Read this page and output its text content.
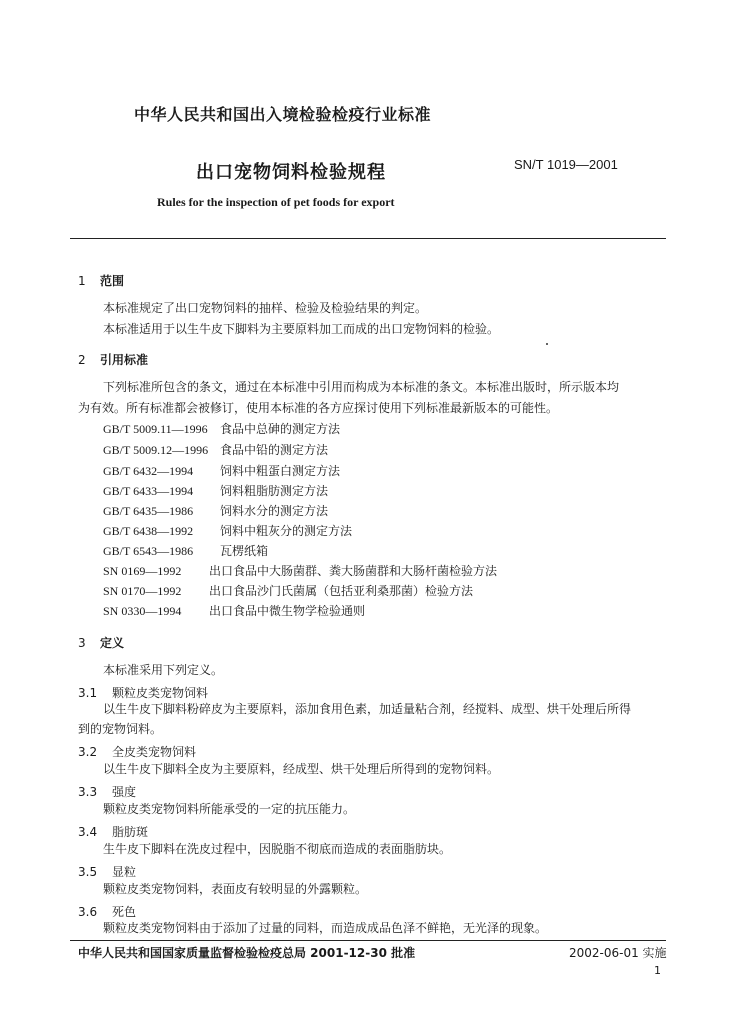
中华人民共和国出入境检验检疫行业标准
出口宠物饲料检验规程	SN/T 1019—2001
Rules for the inspection of pet foods for export
1 范围
本标准规定了出口宠物饲料的抽样、检验及检验结果的判定。
本标准适用于以生牛皮下脚料为主要原料加工而成的出口宠物饲料的检验。
2 引用标准
下列标准所包含的条文，通过在本标准中引用而构成为本标准的条文。本标准出版时，所示版本均
为有效。所有标准都会被修订，使用本标准的各方应探讨使用下列标准最新版本的可能性。
GB/T 5009.11—1996 食品中总砷的测定方法
GB/T 5009.12—1996 食品中铅的测定方法
GB/T 6432—1994 饲料中粗蛋白测定方法
GB/T 6433—1994 饲料粗脂肪测定方法
GB/T 6435—1986 饲料水分的测定方法
GB/T 6438—1992 饲料中粗灰分的测定方法
GB/T 6543—1986 瓦楞纸箱
SN 0169—1992 出口食品中大肠菌群、粪大肠菌群和大肠杆菌检验方法
SN 0170—1992 出口食品沙门氏菌属（包括亚利桑那菌）检验方法
SN 0330—1994 出口食品中微生物学检验通则
3 定义
本标准采用下列定义。
3.1 颗粒皮类宠物饲料
以生牛皮下脚料粉碎皮为主要原料，添加食用色素，加适量粘合剂，经搅料、成型、烘干处理后所得
到的宠物饲料。
3.2 全皮类宠物饲料
以生牛皮下脚料全皮为主要原料，经成型、烘干处理后所得到的宠物饲料。
3.3 强度
颗粒皮类宠物饲料所能承受的一定的抗压能力。
3.4 脂肪斑
生牛皮下脚料在洗皮过程中，因脱脂不彻底而造成的表面脂肪块。
3.5 显粒
颗粒皮类宠物饲料，表面皮有较明显的外露颗粒。
3.6 死色
颗粒皮类宠物饲料由于添加了过量的同料，而造成成品色泽不鲜艳，无光泽的现象。
中华人民共和国国家质量监督检验检疫总局 2001-12-30 批准	2002-06-01 实施
1
